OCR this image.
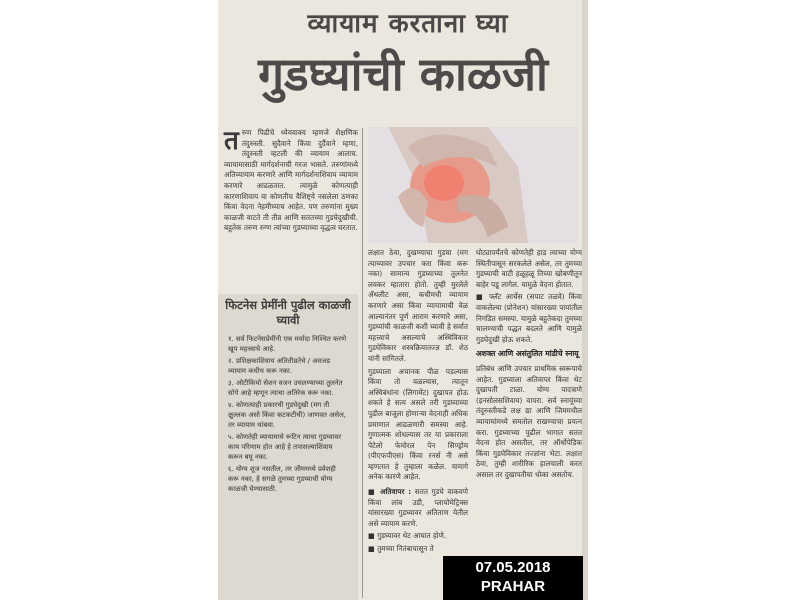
व्यायाम करताना घ्या
गुडघ्यांची काळजी
त रुण पिढीचे ध्येयवाक्य म्हणजे शैक्षणिक तंदुरुस्ती. सुदैवाने किंवा दुर्दैवाने म्हणा, तंदुरुस्ती म्हटली की व्यायाम आलाच. व्यायामासाठी मार्गदर्शनाची गरज भासते. तरुणांमध्ये अतिव्यायाम करणारे आणि मार्गदर्शनाशिवाय व्यायाम करणारे आढळतात. त्यामुळे कोणत्याही कारणाशिवाय वा कोणतीच वैशिष्ट्ये नसलेला ठणका किंवा वेदना नेहमीच्याच आहेत. पण तरुणांना मुख्य काळजी वाटते ती तीव्र आणि सततच्या गुडघेदुखीची. बहुतेक तरुण रुग्ण त्यांच्या गुडघ्याच्या वृद्धत्व घरतात.

लक्षात ठेवा, दुखण्याचा गुडघा (मग त्याच्यावर उपचार करा किंवा करू नका) सामान्य गुडघ्याच्या तुलनेत लवकर म्हातारा होतो. तुम्ही मुरलेले ॲथलीट असा, कधीमधी व्यायाम करणारे असा किंवा व्यायामाची वेळ आल्यानंतर पूर्ण आराम करणारे असा, गुडघ्यांची काळजी कशी घ्यावी हे सर्वात महत्त्वाचे असल्याचे अस्थिविकार गुडघेविकार शस्त्रक्रियातज्ज्ञ डॉ. शेठ यांनी सांगितले.

गुडघ्याला अचानक पीळ पडल्यास किंवा तो वळल्यास, त्यातून अस्थिबंधांना (लिगामेंट) दुखापत होऊ शकते हे सत्य असले तरी गुडघ्याच्या पुढील बाजूला होणाऱ्या वेदनाही अधिक प्रमाणात आढळणारी समस्या आहे. गुणात्मक शोधल्यास तर या प्रकाराला पेटेलो फेमोरल पेन सिण्ड्रोम (पीएफपीएस) किंवा रनर्स नी असे म्हणतात हे तुम्हाला कळेल. यामागे अनेक कारणे आहेत.

■ अतिवापर : सतत गुडघे वाकवणे किंवा लांब उडी, प्लायोमेट्रिक्स यांसारख्या गुडघ्यावर अतिताण येतील असे व्यायाम करणे.

■ गुडघ्यावर थेट आघात होणे.

■ तुमच्या नितंबापासून ते

घोट्यापर्यंतचे कोणतेही हाड त्याच्या योग्य स्थितीपासून सरकलेले असेल, तर तुमच्या गुडघ्याची वाटी हळूहळू तिच्या खोबणीतून बाहेर पडू लागेल. यामुळे वेदना होतात.

■ फ्लॅट आर्चेस (सपाट तळवे) किंवा वाकलेल्या (प्रोनेशन) यांसारख्या पायांतील निगडित समस्या. यामुळे बहुतेकदा तुमच्या चालण्याची पद्धत बदलते आणि यामुळे गुडघेदुखी होऊ शकते.

अशक्त आणि असंतुलित मांडीचे स्नायू

प्रतिबंध आणि उपचार प्राथमिक स्वरूपाचे आहेत. गुडघ्याला अतिवापर किंवा थेट दुखापती टाळा. योग्य पादत्राणे (इनसोलसशिवाय) वापरा. सर्व स्नायूंच्या तंदुरुस्तीकडे लक्ष द्या आणि जिममधील व्यायामांमध्ये समतोल राखण्याचा प्रयत्न करा. गुडघ्याच्या पुढील भागात सतत वेदना होत असतील, तर ऑर्थोपेडिक किंवा गुडघेविकार तज्ज्ञांना भेटा. लक्षात ठेवा, तुम्ही शारीरिक हालचाली करत असाल तर दुखापतीचा धोका असतोच.

फिटनेस प्रेमींनी पुढील काळजी घ्यावी
१. सर्व फिटनेसप्रेमींनी एक मर्यादा निश्चित करणे खूप महत्त्वाचे आहे.
२. प्रशिक्षकाशिवाय अतितीव्रतेचे / अवजड व्यायाम कधीच करू नका.
३. ओटीकियो सेशन वजन उचलण्याच्या तुलनेत सोपे आहे म्हणून त्याचा अतिरेक करू नका.
४. कोणत्याही प्रकारची गुडघेदुखी (मग ती क्षुल्लक असो किंवा कटकटीची) जाणवत असेल, तर व्यायाम थांबवा.
५. कोणतेही व्यायामाचे रूटिन त्याचा गुडघ्यावर काय परिणाम होत आहे हे तपासल्याशिवाय करून बघू नका.
६. योग्य शूज नसतील, तर जीममध्ये प्रवेशही करू नका, हे सगळे तुमच्या गुडघ्याची योग्य काळजी घेण्यासाठी.
07.05.2018
PRAHAR
